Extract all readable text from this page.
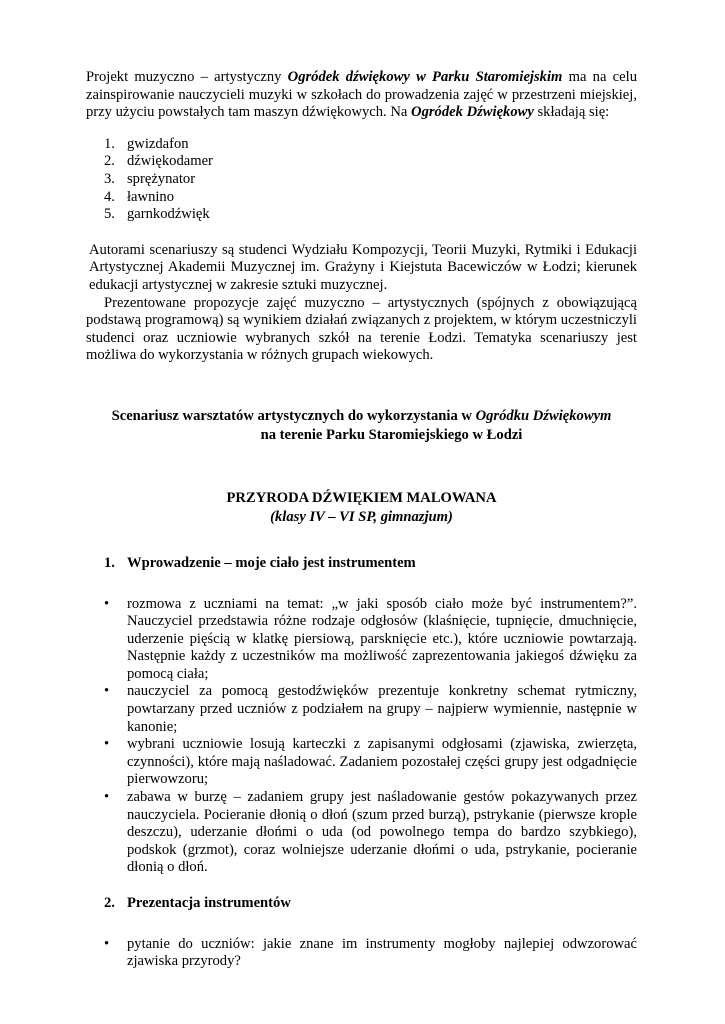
Projekt muzyczno – artystyczny Ogródek dźwiękowy w Parku Staromiejskim ma na celu zainspirowanie nauczycieli muzyki w szkołach do prowadzenia zajęć w przestrzeni miejskiej, przy użyciu powstałych tam maszyn dźwiękowych. Na Ogródek Dźwiękowy składają się:

1. gwizdafon
2. dźwiękodamer
3. sprężynator
4. ławnino
5. garnkodźwięk

Autorami scenariuszy są studenci Wydziału Kompozycji, Teorii Muzyki, Rytmiki i Edukacji Artystycznej Akademii Muzycznej im. Grażyny i Kiejstuta Bacewiczów w Łodzi; kierunek edukacji artystycznej w zakresie sztuki muzycznej.

Prezentowane propozycje zajęć muzyczno – artystycznych (spójnych z obowiązującą podstawą programową) są wynikiem działań związanych z projektem, w którym uczestniczyli studenci oraz uczniowie wybranych szkół na terenie Łodzi. Tematyka scenariuszy jest możliwa do wykorzystania w różnych grupach wiekowych.

Scenariusz warsztatów artystycznych do wykorzystania w Ogródku Dźwiękowym
na terenie Parku Staromiejskiego w Łodzi

PRZYRODA DŹWIĘKIEM MALOWANA
(klasy IV – VI SP, gimnazjum)

1. Wprowadzenie – moje ciało jest instrumentem
• rozmowa z uczniami na temat: „w jaki sposób ciało może być instrumentem?”. Nauczyciel przedstawia różne rodzaje odgłosów (klaśnięcie, tupnięcie, dmuchnięcie, uderzenie pięścią w klatkę piersiową, parsknięcie etc.), które uczniowie powtarzają. Następnie każdy z uczestników ma możliwość zaprezentowania jakiegoś dźwięku za pomocą ciała;
• nauczyciel za pomocą gestodźwięków prezentuje konkretny schemat rytmiczny, powtarzany przed uczniów z podziałem na grupy – najpierw wymiennie, następnie w kanonie;
• wybrani uczniowie losują karteczki z zapisanymi odgłosami (zjawiska, zwierzęta, czynności), które mają naśladować. Zadaniem pozostałej części grupy jest odgadnięcie pierwowzoru;
• zabawa w burzę – zadaniem grupy jest naśladowanie gestów pokazywanych przez nauczyciela. Pocieranie dłonią o dłoń (szum przed burzą), pstrykanie (pierwsze krople deszczu), uderzanie dłońmi o uda (od powolnego tempa do bardzo szybkiego), podskok (grzmot), coraz wolniejsze uderzanie dłońmi o uda, pstrykanie, pocieranie dłonią o dłoń.
2. Prezentacja instrumentów
• pytanie do uczniów: jakie znane im instrumenty mogłoby najlepiej odwzorować zjawiska przyrody?
